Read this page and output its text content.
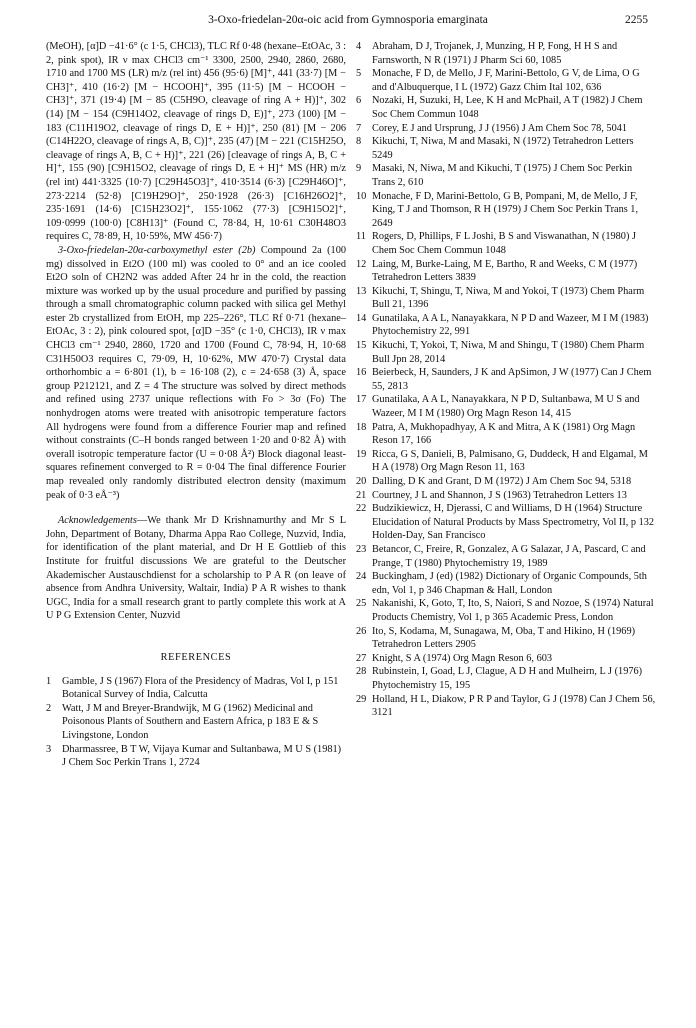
3-Oxo-friedelan-20α-oic acid from Gymnosporia emarginata	2255

(MeOH), [α]D −41·6° (c 1·5, CHCl3), TLC Rf 0·48 (hexane–EtOAc, 3 : 2, pink spot), IR ν max CHCl3 cm⁻¹ 3300, 2500, 2940, 2860, 2680, 1710 and 1700 MS (LR) m/z (rel int) 456 (95·6) [M]⁺, 441 (33·7) [M − CH3]⁺, 410 (16·2) [M − HCOOH]⁺, 395 (11·5) [M − HCOOH − CH3]⁺, 371 (19·4) [M − 85 (C5H9O, cleavage of ring A + H)]⁺, 302 (14) [M − 154 (C9H14O2, cleavage of rings D, E)]⁺, 273 (100) [M − 183 (C11H19O2, cleavage of rings D, E + H)]⁺, 250 (81) [M − 206 (C14H22O, cleavage of rings A, B, C)]⁺, 235 (47) [M − 221 (C15H25O, cleavage of rings A, B, C + H)]⁺, 221 (26) [cleavage of rings A, B, C + H]⁺, 155 (90) [C9H15O2, cleavage of rings D, E + H]⁺ MS (HR) m/z (rel int) 441·3325 (10·7) [C29H45O3]⁺, 410·3514 (6·3) [C29H46O]⁺, 273·2214 (52·8) [C19H29O]⁺, 250·1928 (26·3) [C16H26O2]⁺, 235·1691 (14·6) [C15H23O2]⁺, 155·1062 (77·3) [C9H15O2]⁺, 109·0999 (100·0) [C8H13]⁺ (Found C, 78·84, H, 10·61 C30H48O3 requires C, 78·89, H, 10·59%, MW 456·7)

3-Oxo-friedelan-20α-carboxymethyl ester (2b) Compound 2a (100 mg) dissolved in Et2O (100 ml) was cooled to 0° and an ice cooled Et2O soln of CH2N2 was added After 24 hr in the cold, the reaction mixture was worked up by the usual procedure and purified by passing through a small chromatographic column packed with silica gel Methyl ester 2b crystallized from EtOH, mp 225–226°, TLC Rf 0·71 (hexane–EtOAc, 3 : 2), pink coloured spot, [α]D −35° (c 1·0, CHCl3), IR ν max CHCl3 cm⁻¹ 2940, 2860, 1720 and 1700 (Found C, 78·94, H, 10·68 C31H50O3 requires C, 79·09, H, 10·62%, MW 470·7) Crystal data orthorhombic a = 6·801 (1), b = 16·108 (2), c = 24·658 (3) Å, space group P212121, and Z = 4 The structure was solved by direct methods and refined using 2737 unique reflections with Fo > 3σ (Fo) The nonhydrogen atoms were treated with anisotropic temperature factors All hydrogens were found from a difference Fourier map and refined without constraints (C–H bonds ranged between 1·20 and 0·82 Å) with overall isotropic temperature factor (U = 0·08 Å²) Block diagonal least-squares refinement converged to R = 0·04 The final difference Fourier map revealed only randomly distributed electron density (maximum peak of 0·3 eÅ⁻³)

Acknowledgements—We thank Mr D Krishnamurthy and Mr S L John, Department of Botany, Dharma Appa Rao College, Nuzvid, India, for identification of the plant material, and Dr H E Gottlieb of this Institute for fruitful discussions We are grateful to the Deutscher Akademischer Austauschdienst for a scholarship to P A R (on leave of absence from Andhra University, Waltair, India) P A R wishes to thank UGC, India for a small research grant to partly complete this work at A U P G Extension Center, Nuzvid

REFERENCES
1	Gamble, J S (1967) Flora of the Presidency of Madras, Vol I, p 151 Botanical Survey of India, Calcutta
2	Watt, J M and Breyer-Brandwijk, M G (1962) Medicinal and Poisonous Plants of Southern and Eastern Africa, p 183 E & S Livingstone, London
3	Dharmassree, B T W, Vijaya Kumar and Sultanbawa, M U S (1981) J Chem Soc Perkin Trans 1, 2724
4	Abraham, D J, Trojanek, J, Munzing, H P, Fong, H H S and Farnsworth, N R (1971) J Pharm Sci 60, 1085
5	Monache, F D, de Mello, J F, Marini-Bettolo, G V, de Lima, O G and d'Albuquerque, I L (1972) Gazz Chim Ital 102, 636
6	Nozaki, H, Suzuki, H, Lee, K H and McPhail, A T (1982) J Chem Soc Chem Commun 1048
7	Corey, E J and Ursprung, J J (1956) J Am Chem Soc 78, 5041
8	Kikuchi, T, Niwa, M and Masaki, N (1972) Tetrahedron Letters 5249
9	Masaki, N, Niwa, M and Kikuchi, T (1975) J Chem Soc Perkin Trans 2, 610
10 Monache, F D, Marini-Bettolo, G B, Pompani, M, de Mello, J F, King, T J and Thomson, R H (1979) J Chem Soc Perkin Trans 1, 2649
11 Rogers, D, Phillips, F L Joshi, B S and Viswanathan, N (1980) J Chem Soc Chem Commun 1048
12 Laing, M, Burke-Laing, M E, Bartho, R and Weeks, C M (1977) Tetrahedron Letters 3839
13 Kikuchi, T, Shingu, T, Niwa, M and Yokoi, T (1973) Chem Pharm Bull 21, 1396
14 Gunatilaka, A A L, Nanayakkara, N P D and Wazeer, M I M (1983) Phytochemistry 22, 991
15 Kikuchi, T, Yokoi, T, Niwa, M and Shingu, T (1980) Chem Pharm Bull Jpn 28, 2014
16 Beierbeck, H, Saunders, J K and ApSimon, J W (1977) Can J Chem 55, 2813
17 Gunatilaka, A A L, Nanayakkara, N P D, Sultanbawa, M U S and Wazeer, M I M (1980) Org Magn Reson 14, 415
18 Patra, A, Mukhopadhyay, A K and Mitra, A K (1981) Org Magn Reson 17, 166
19 Ricca, G S, Danieli, B, Palmisano, G, Duddeck, H and Elgamal, M H A (1978) Org Magn Reson 11, 163
20 Dalling, D K and Grant, D M (1972) J Am Chem Soc 94, 5318
21 Courtney, J L and Shannon, J S (1963) Tetrahedron Letters 13
22 Budzikiewicz, H, Djerassi, C and Williams, D H (1964) Structure Elucidation of Natural Products by Mass Spectrometry, Vol II, p 132 Holden-Day, San Francisco
23 Betancor, C, Freire, R, Gonzalez, A G Salazar, J A, Pascard, C and Prange, T (1980) Phytochemistry 19, 1989
24 Buckingham, J (ed) (1982) Dictionary of Organic Compounds, 5th edn, Vol 1, p 346 Chapman & Hall, London
25 Nakanishi, K, Goto, T, Ito, S, Naiori, S and Nozoe, S (1974) Natural Products Chemistry, Vol 1, p 365 Academic Press, London
26 Ito, S, Kodama, M, Sunagawa, M, Oba, T and Hikino, H (1969) Tetrahedron Letters 2905
27 Knight, S A (1974) Org Magn Reson 6, 603
28 Rubinstein, I, Goad, L J, Clague, A D H and Mulheirn, L J (1976) Phytochemistry 15, 195
29 Holland, H L, Diakow, P R P and Taylor, G J (1978) Can J Chem 56, 3121
